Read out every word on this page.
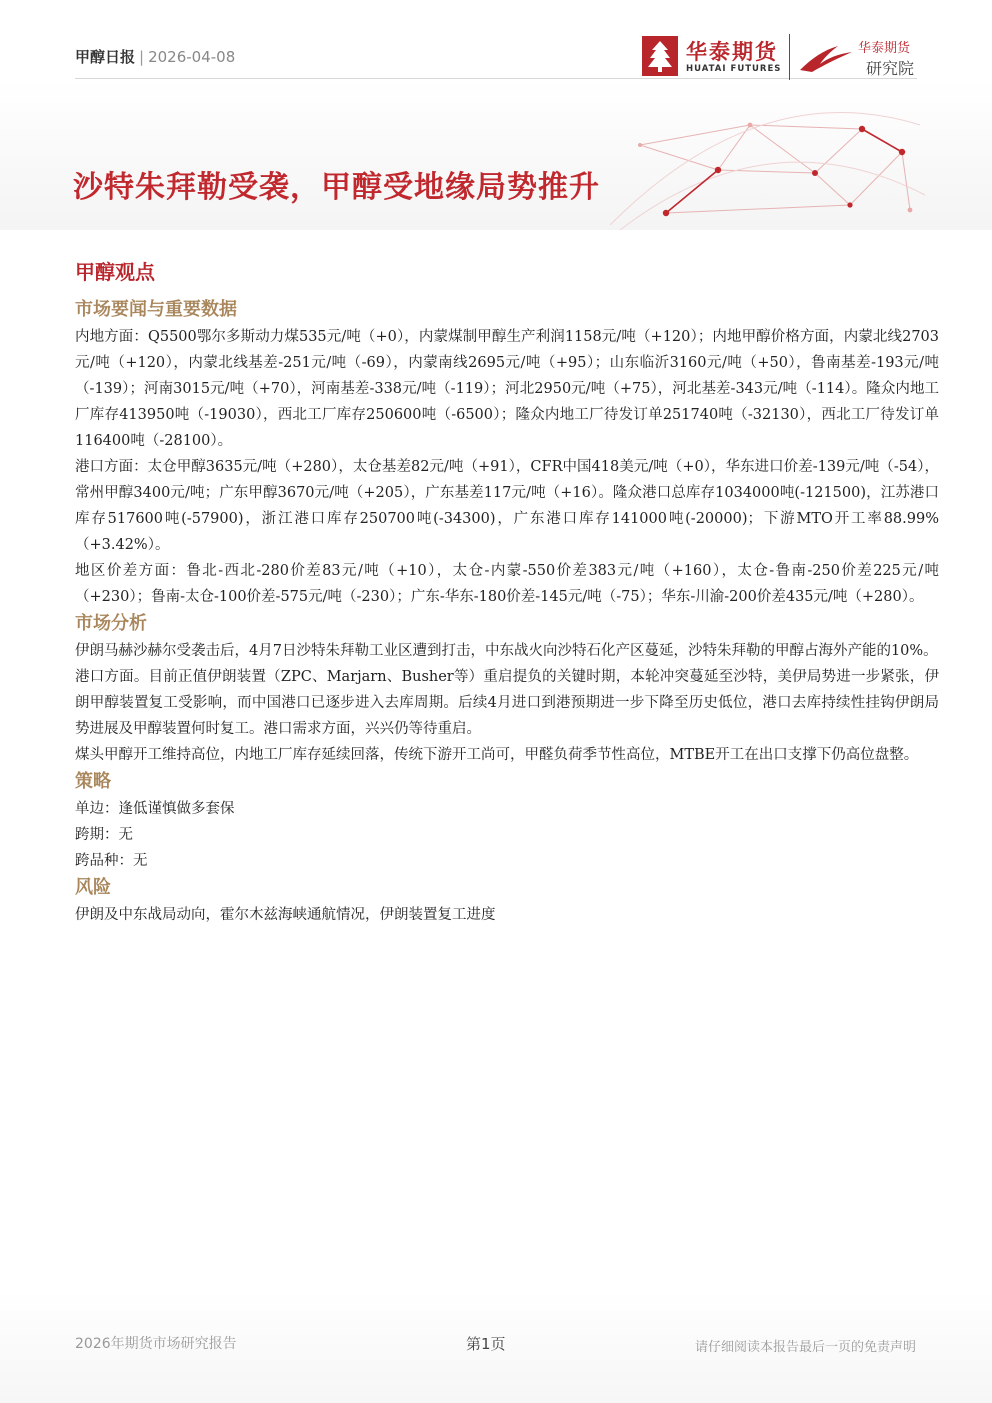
甲醇日报 | 2026-04-08	华泰期货
HUATAI FUTURES
华泰期货
研究院
沙特朱拜勒受袭，甲醇受地缘局势推升
甲醇观点
市场要闻与重要数据

内地方面：Q5500鄂尔多斯动力煤535元/吨（+0），内蒙煤制甲醇生产利润1158元/吨（+120）；内地甲醇价格方面，内蒙北线2703元/吨（+120），内蒙北线基差-251元/吨（-69），内蒙南线2695元/吨（+95）；山东临沂3160元/吨（+50），鲁南基差-193元/吨（-139）；河南3015元/吨（+70），河南基差-338元/吨（-119）；河北2950元/吨（+75），河北基差-343元/吨（-114）。隆众内地工厂库存413950吨（-19030），西北工厂库存250600吨（-6500）；隆众内地工厂待发订单251740吨（-32130），西北工厂待发订单116400吨（-28100）。

港口方面：太仓甲醇3635元/吨（+280），太仓基差82元/吨（+91），CFR中国418美元/吨（+0），华东进口价差-139元/吨（-54），常州甲醇3400元/吨；广东甲醇3670元/吨（+205），广东基差117元/吨（+16）。隆众港口总库存1034000吨(-121500)，江苏港口库存517600吨(-57900)，浙江港口库存250700吨(-34300)，广东港口库存141000吨(-20000)；下游MTO开工率88.99%（+3.42%）。

地区价差方面：鲁北-西北-280价差83元/吨（+10），太仓-内蒙-550价差383元/吨（+160），太仓-鲁南-250价差225元/吨（+230）；鲁南-太仓-100价差-575元/吨（-230）；广东-华东-180价差-145元/吨（-75）；华东-川渝-200价差435元/吨（+280）。

市场分析

伊朗马赫沙赫尔受袭击后，4月7日沙特朱拜勒工业区遭到打击，中东战火向沙特石化产区蔓延，沙特朱拜勒的甲醇占海外产能的10%。

港口方面。目前正值伊朗装置（ZPC、Marjarn、Busher等）重启提负的关键时期，本轮冲突蔓延至沙特，美伊局势进一步紧张，伊朗甲醇装置复工受影响，而中国港口已逐步进入去库周期。后续4月进口到港预期进一步下降至历史低位，港口去库持续性挂钩伊朗局势进展及甲醇装置何时复工。港口需求方面，兴兴仍等待重启。

煤头甲醇开工维持高位，内地工厂库存延续回落，传统下游开工尚可，甲醛负荷季节性高位，MTBE开工在出口支撑下仍高位盘整。

策略

单边：逢低谨慎做多套保

跨期：无

跨品种：无

风险

伊朗及中东战局动向，霍尔木兹海峡通航情况，伊朗装置复工进度

2026年期货市场研究报告	第1页	请仔细阅读本报告最后一页的免责声明
